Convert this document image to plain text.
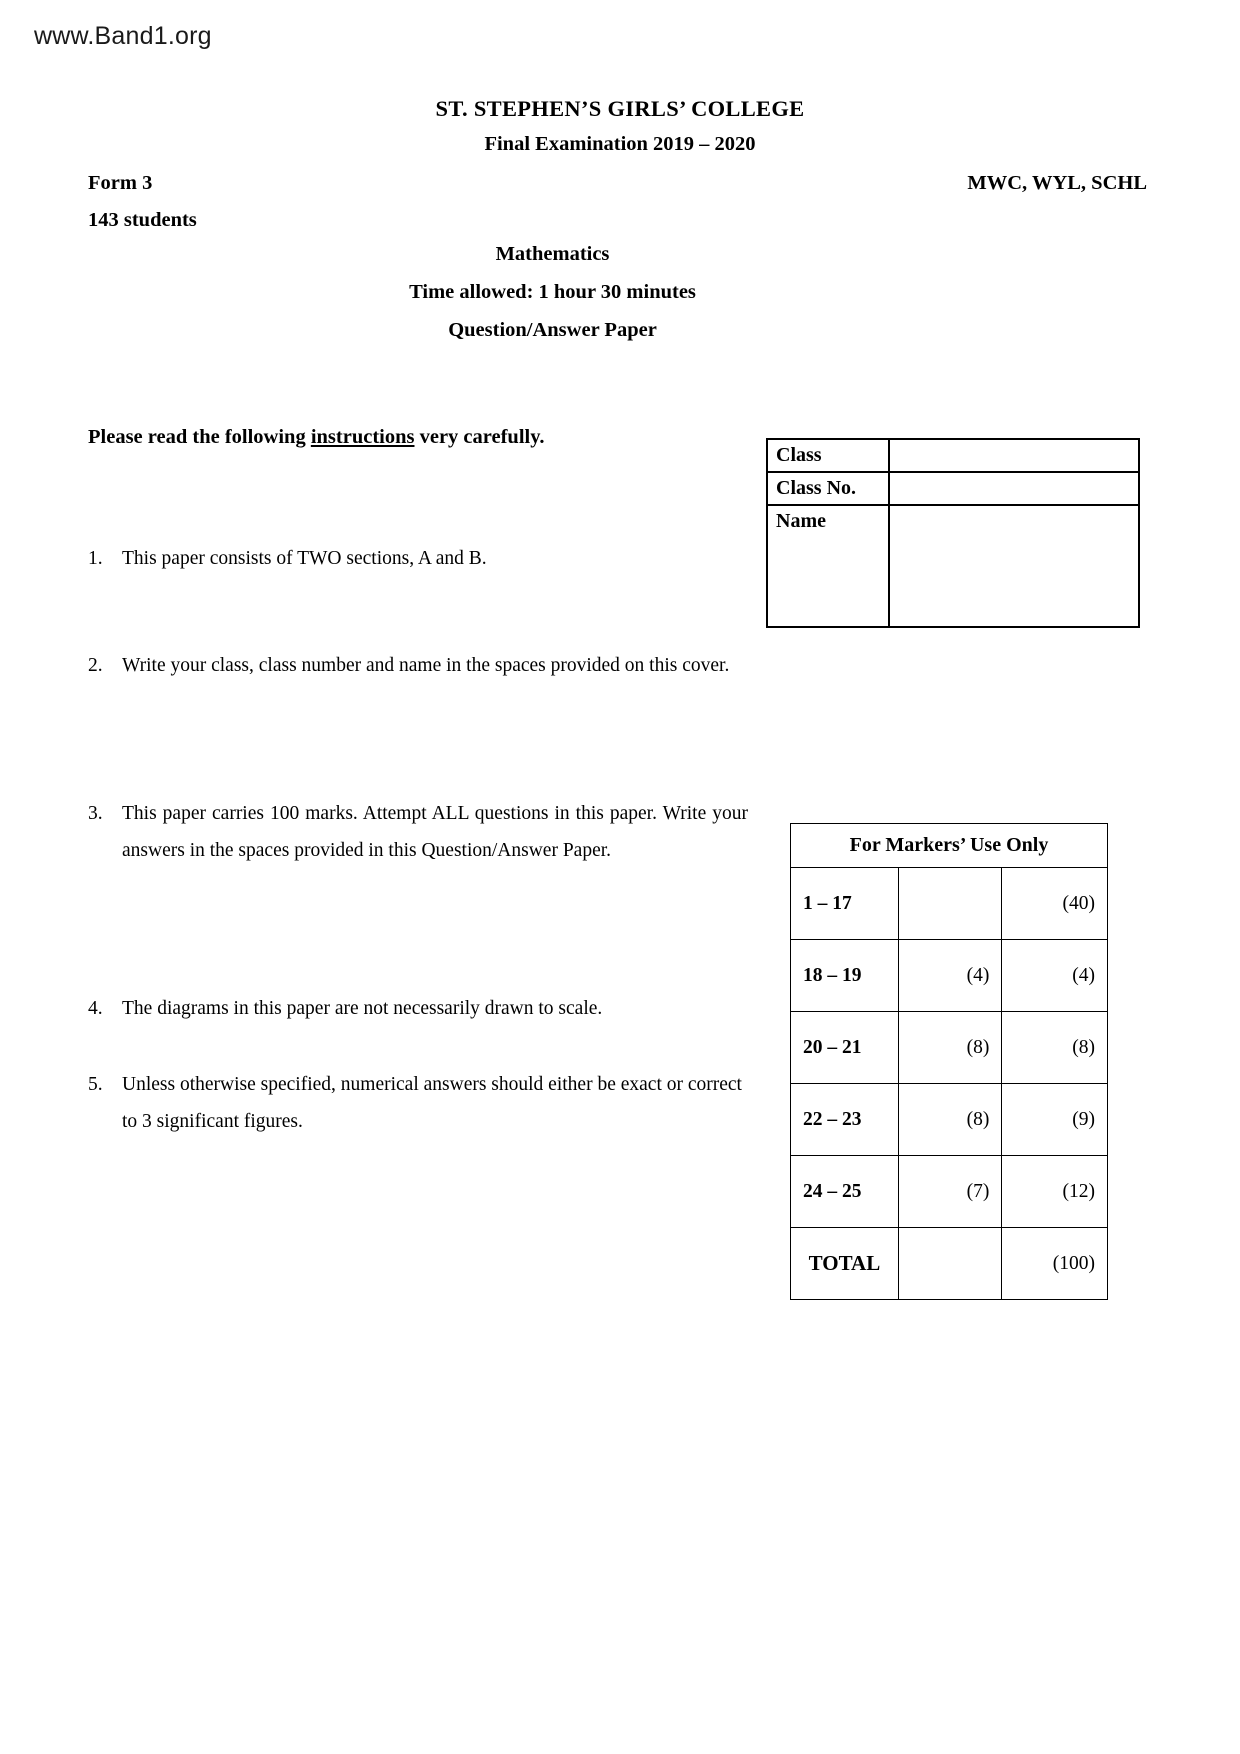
www.Band1.org
ST. STEPHEN’S GIRLS’ COLLEGE
Final Examination 2019 – 2020
Form 3	MWC, WYL, SCHL
143 students
Mathematics
Time allowed: 1 hour 30 minutes
Question/Answer Paper
Please read the following instructions very carefully.
1. This paper consists of TWO sections, A and B.
2. Write your class, class number and name in the spaces provided on this cover.
3. This paper carries 100 marks. Attempt ALL questions in this paper. Write your answers in the spaces provided in this Question/Answer Paper.
4. The diagrams in this paper are not necessarily drawn to scale.
5. Unless otherwise specified, numerical answers should either be exact or correct to 3 significant figures.
Class	
Class No.	
Name	
For Markers’ Use Only		
1 – 17		(40)
18 – 19	(4)	(4)
20 – 21	(8)	(8)
22 – 23	(8)	(9)
24 – 25	(7)	(12)
TOTAL		(100)
